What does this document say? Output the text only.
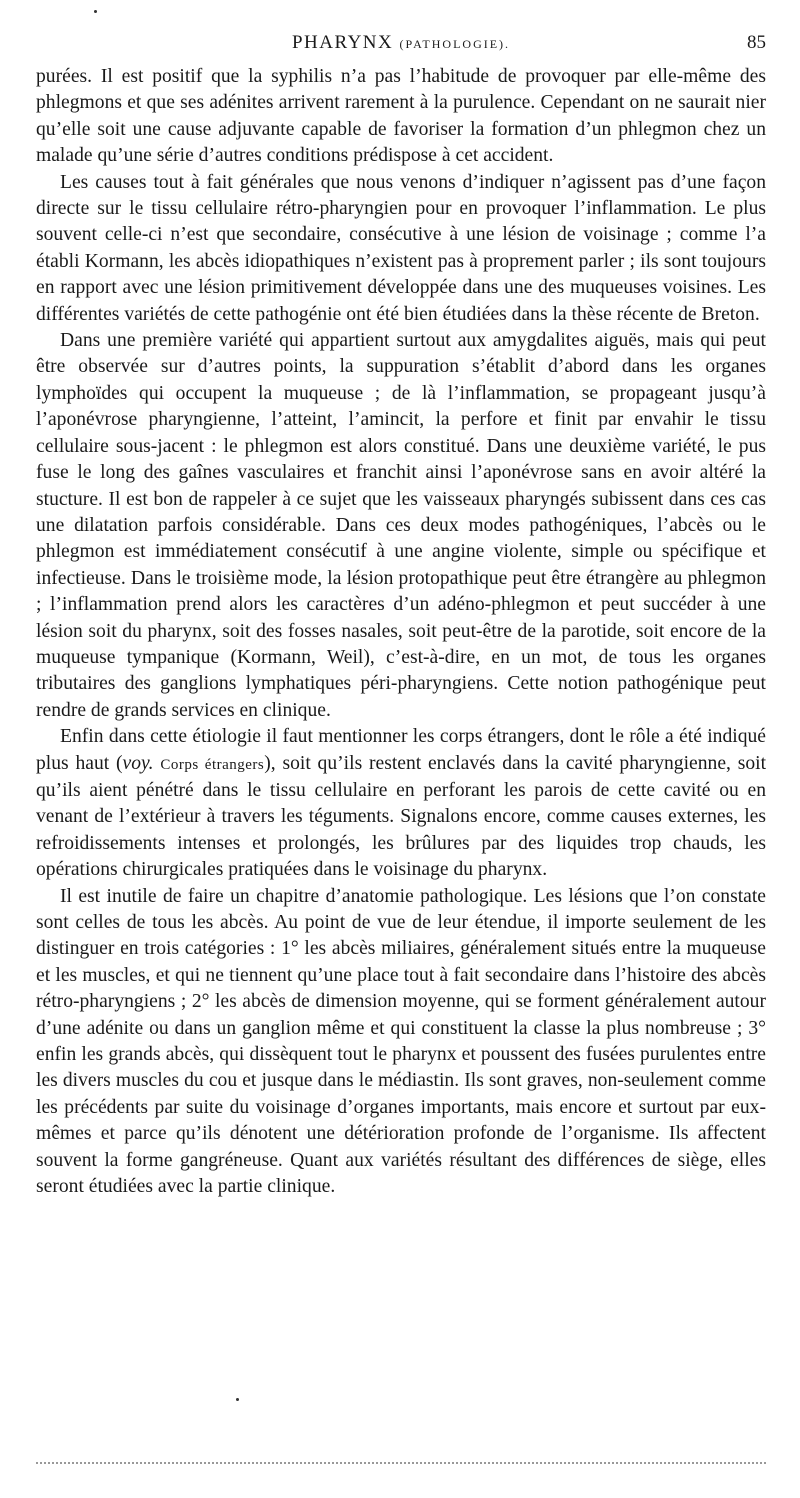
PHARYNX (PATHOLOGIE).	85

purées. Il est positif que la syphilis n’a pas l’habitude de provoquer par elle-même des phlegmons et que ses adénites arrivent rarement à la purulence. Cependant on ne saurait nier qu’elle soit une cause adjuvante capable de favoriser la formation d’un phlegmon chez un malade qu’une série d’autres conditions prédispose à cet accident.

Les causes tout à fait générales que nous venons d’indiquer n’agissent pas d’une façon directe sur le tissu cellulaire rétro-pharyngien pour en provoquer l’inflammation. Le plus souvent celle-ci n’est que secondaire, consécutive à une lésion de voisinage ; comme l’a établi Kormann, les abcès idiopathiques n’existent pas à proprement parler ; ils sont toujours en rapport avec une lésion primitivement développée dans une des muqueuses voisines. Les différentes variétés de cette pathogénie ont été bien étudiées dans la thèse récente de Breton.

Dans une première variété qui appartient surtout aux amygdalites aiguës, mais qui peut être observée sur d’autres points, la suppuration s’établit d’abord dans les organes lymphoïdes qui occupent la muqueuse ; de là l’inflammation, se propageant jusqu’à l’aponévrose pharyngienne, l’atteint, l’amincit, la perfore et finit par envahir le tissu cellulaire sous-jacent : le phlegmon est alors constitué. Dans une deuxième variété, le pus fuse le long des gaînes vasculaires et franchit ainsi l’aponévrose sans en avoir altéré la stucture. Il est bon de rappeler à ce sujet que les vaisseaux pharyngés subissent dans ces cas une dilatation parfois considérable. Dans ces deux modes pathogéniques, l’abcès ou le phlegmon est immédiatement consécutif à une angine violente, simple ou spécifique et infectieuse. Dans le troisième mode, la lésion protopathique peut être étrangère au phlegmon ; l’inflammation prend alors les caractères d’un adéno-phlegmon et peut succéder à une lésion soit du pharynx, soit des fosses nasales, soit peut-être de la parotide, soit encore de la muqueuse tympanique (Kormann, Weil), c’est-à-dire, en un mot, de tous les organes tributaires des ganglions lymphatiques péri-pharyngiens. Cette notion pathogénique peut rendre de grands services en clinique.

Enfin dans cette étiologie il faut mentionner les corps étrangers, dont le rôle a été indiqué plus haut (voy. Corps étrangers), soit qu’ils restent enclavés dans la cavité pharyngienne, soit qu’ils aient pénétré dans le tissu cellulaire en perforant les parois de cette cavité ou en venant de l’extérieur à travers les téguments. Signalons encore, comme causes externes, les refroidissements intenses et prolongés, les brûlures par des liquides trop chauds, les opérations chirurgicales pratiquées dans le voisinage du pharynx.

Il est inutile de faire un chapitre d’anatomie pathologique. Les lésions que l’on constate sont celles de tous les abcès. Au point de vue de leur étendue, il importe seulement de les distinguer en trois catégories : 1° les abcès miliaires, généralement situés entre la muqueuse et les muscles, et qui ne tiennent qu’une place tout à fait secondaire dans l’histoire des abcès rétro-pharyngiens ; 2° les abcès de dimension moyenne, qui se forment généralement autour d’une adénite ou dans un ganglion même et qui constituent la classe la plus nombreuse ; 3° enfin les grands abcès, qui dissèquent tout le pharynx et poussent des fusées purulentes entre les divers muscles du cou et jusque dans le médiastin. Ils sont graves, non-seulement comme les précédents par suite du voisinage d’organes importants, mais encore et surtout par eux-mêmes et parce qu’ils dénotent une détérioration profonde de l’organisme. Ils affectent souvent la forme gangréneuse. Quant aux variétés résultant des différences de siège, elles seront étudiées avec la partie clinique.
